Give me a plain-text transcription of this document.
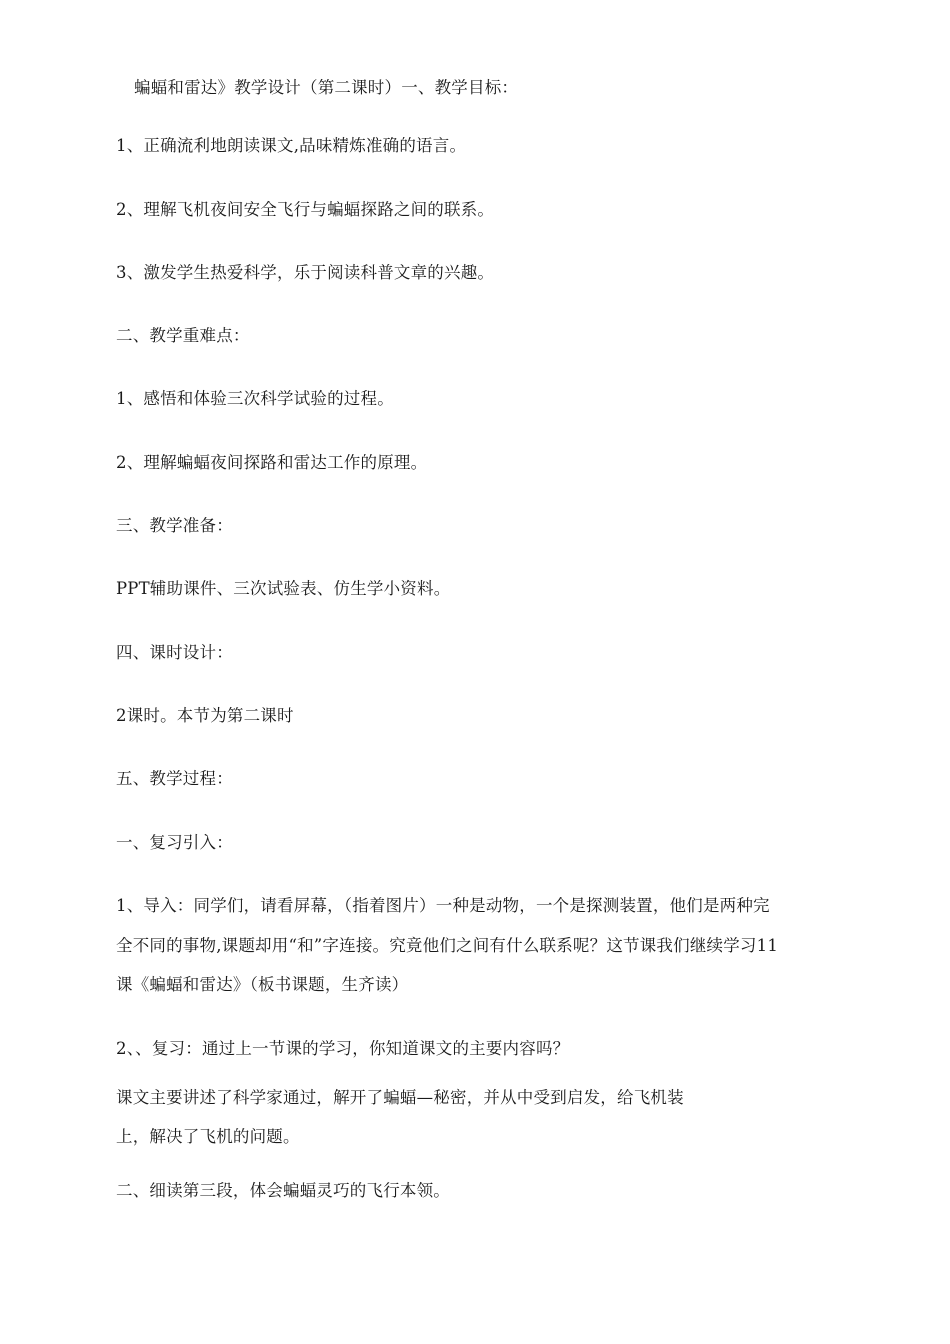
蝙蝠和雷达》教学设计（第二课时）一、教学目标：
1、正确流利地朗读课文,品味精炼准确的语言。
2、理解飞机夜间安全飞行与蝙蝠探路之间的联系。
3、激发学生热爱科学，乐于阅读科普文章的兴趣。
二、教学重难点：
1、感悟和体验三次科学试验的过程。
2、理解蝙蝠夜间探路和雷达工作的原理。
三、教学准备：
PPT辅助课件、三次试验表、仿生学小资料。
四、课时设计：
2课时。本节为第二课时
五、教学过程：
一、复习引入：
1、导入：同学们，请看屏幕，（指着图片）一种是动物，一个是探测装置，他们是两种完
全不同的事物,课题却用“和”字连接。究竟他们之间有什么联系呢？这节课我们继续学习11
课《蝙蝠和雷达》（板书课题，生齐读）
2、、复习：通过上一节课的学习，你知道课文的主要内容吗？
课文主要讲述了科学家通过，解开了蝙蝠—秘密，并从中受到启发，给飞机装
上，解决了飞机的问题。
二、细读第三段，体会蝙蝠灵巧的飞行本领。
